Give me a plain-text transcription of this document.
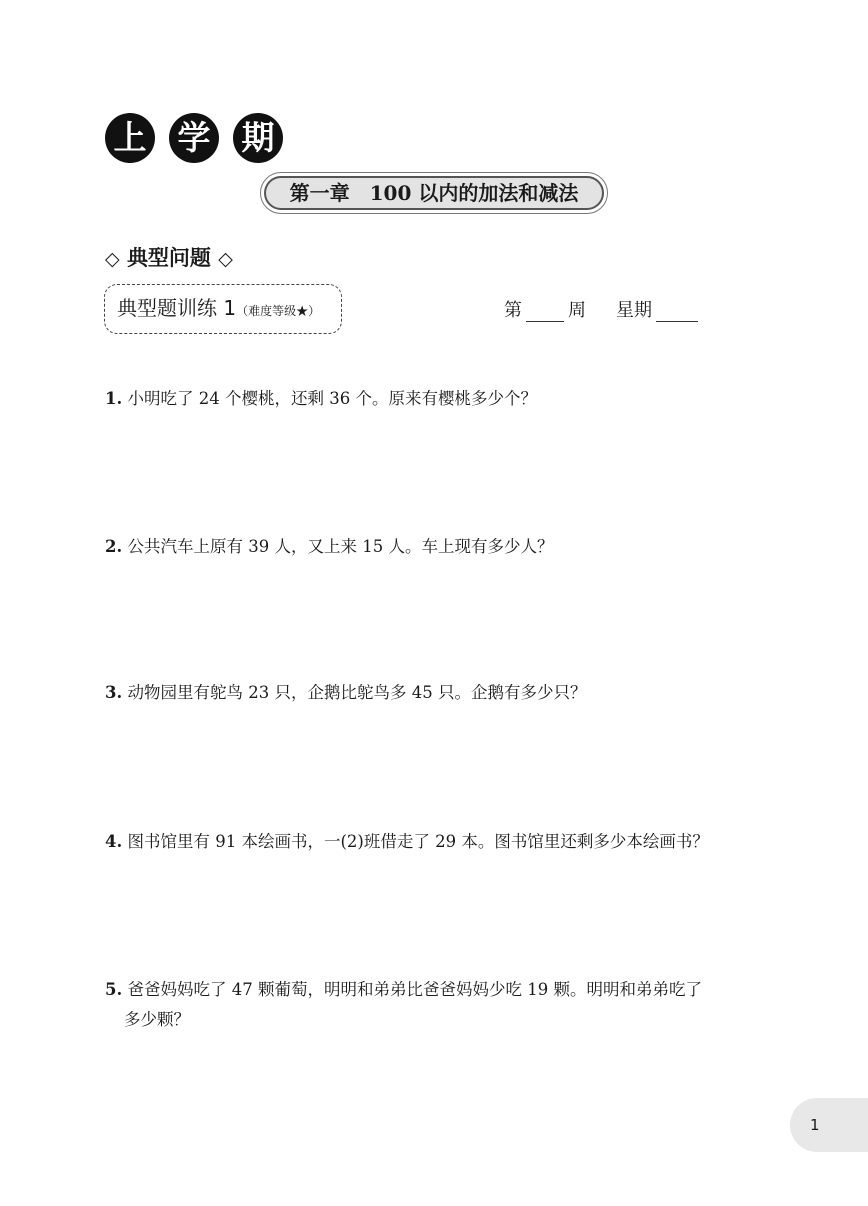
上 学 期
第一章　100 以内的加法和减法
◇ 典型问题 ◇
典型题训练 1（难度等级★）	第	周 星期
1. 小明吃了 24 个樱桃，还剩 36 个。原来有樱桃多少个？
2. 公共汽车上原有 39 人，又上来 15 人。车上现有多少人？
3. 动物园里有鸵鸟 23 只，企鹅比鸵鸟多 45 只。企鹅有多少只？
4. 图书馆里有 91 本绘画书，一(2)班借走了 29 本。图书馆里还剩多少本绘画书？
5. 爸爸妈妈吃了 47 颗葡萄，明明和弟弟比爸爸妈妈少吃 19 颗。明明和弟弟吃了
多少颗？
1
